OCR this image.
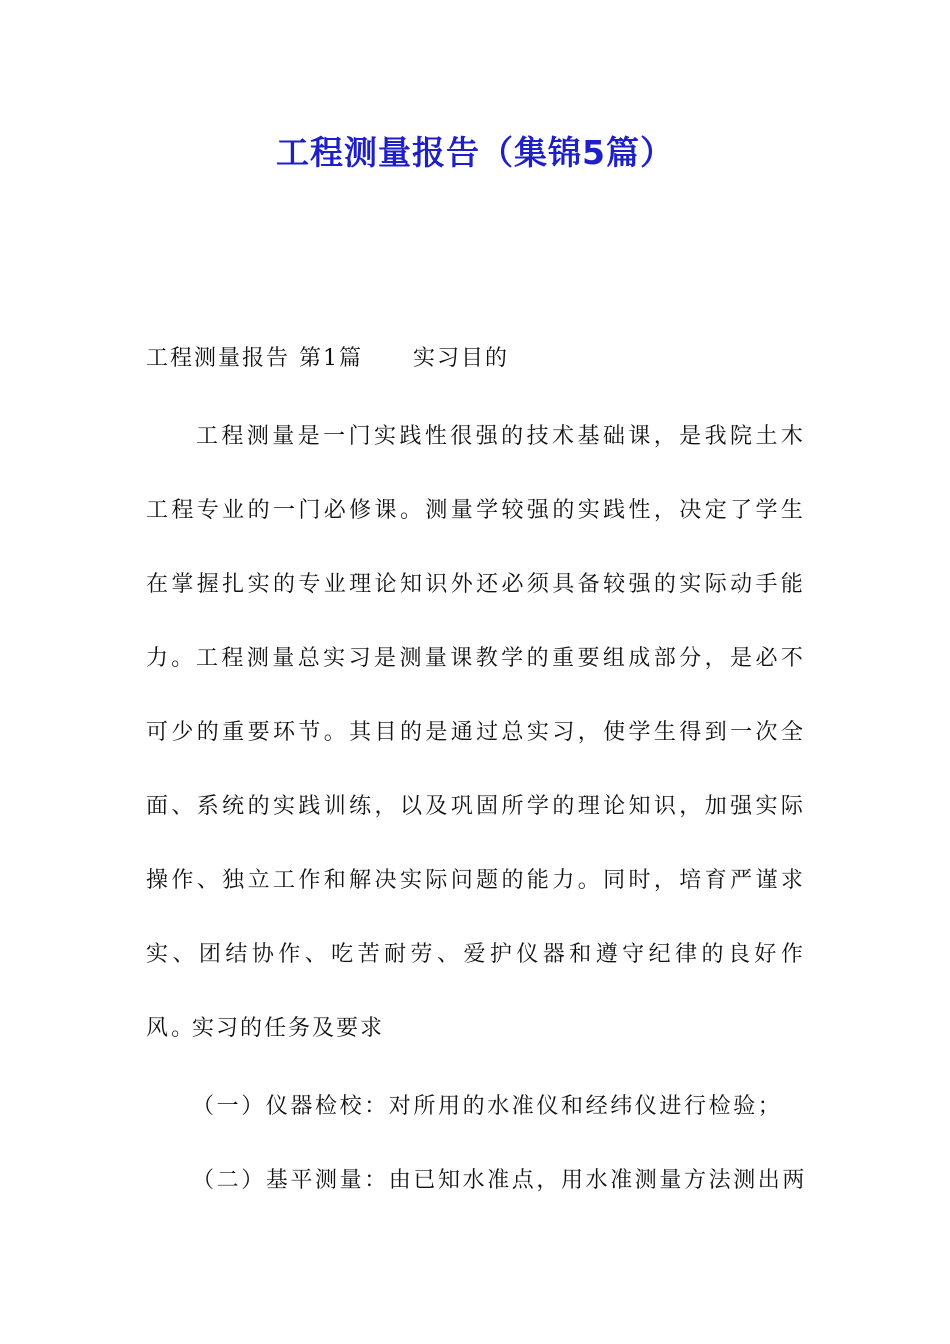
工程测量报告（集锦5篇）

工程测量报告 第1篇 实习目的

工程测量是一门实践性很强的技术基础课，是我院土木工程专业的一门必修课。测量学较强的实践性，决定了学生在掌握扎实的专业理论知识外还必须具备较强的实际动手能力。 工程测量总实习是测量课教学的重要组成部分，是必不可少的重要环节。其目的是通过总实习，使学生得到一次全面、系统的实践训练，以及巩固所学的理论知识，加强实际操作、独立工作和解决实际问题的能力。同时，培育严谨求实、团结协作、吃苦耐劳、爱护仪器和遵守纪律的良好作风。

实习的任务及要求

（一）仪器检校：对所用的水准仪和经纬仪进行检验；

（二）基平测量：由已知水准点，用水准测量方法测出两
